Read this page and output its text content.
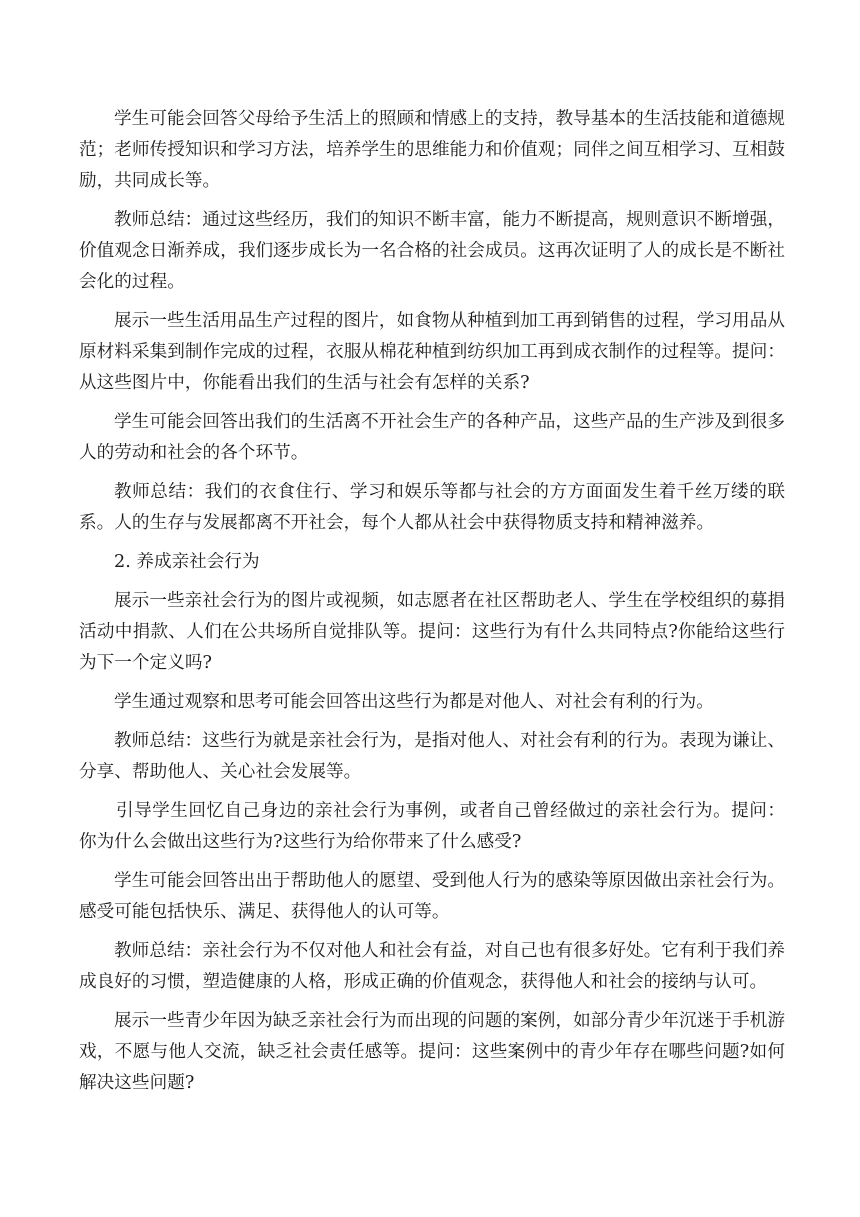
学生可能会回答父母给予生活上的照顾和情感上的支持，教导基本的生活技能和道德规范；老师传授知识和学习方法，培养学生的思维能力和价值观；同伴之间互相学习、互相鼓励，共同成长等。

教师总结：通过这些经历，我们的知识不断丰富，能力不断提高，规则意识不断增强，价值观念日渐养成，我们逐步成长为一名合格的社会成员。这再次证明了人的成长是不断社会化的过程。

展示一些生活用品生产过程的图片，如食物从种植到加工再到销售的过程，学习用品从原材料采集到制作完成的过程，衣服从棉花种植到纺织加工再到成衣制作的过程等。提问：从这些图片中，你能看出我们的生活与社会有怎样的关系?

学生可能会回答出我们的生活离不开社会生产的各种产品，这些产品的生产涉及到很多人的劳动和社会的各个环节。

教师总结：我们的衣食住行、学习和娱乐等都与社会的方方面面发生着千丝万缕的联系。人的生存与发展都离不开社会，每个人都从社会中获得物质支持和精神滋养。

2. 养成亲社会行为

展示一些亲社会行为的图片或视频，如志愿者在社区帮助老人、学生在学校组织的募捐活动中捐款、人们在公共场所自觉排队等。提问：这些行为有什么共同特点?你能给这些行为下一个定义吗?

学生通过观察和思考可能会回答出这些行为都是对他人、对社会有利的行为。

教师总结：这些行为就是亲社会行为，是指对他人、对社会有利的行为。表现为谦让、分享、帮助他人、关心社会发展等。

引导学生回忆自己身边的亲社会行为事例，或者自己曾经做过的亲社会行为。提问：你为什么会做出这些行为?这些行为给你带来了什么感受?

学生可能会回答出出于帮助他人的愿望、受到他人行为的感染等原因做出亲社会行为。感受可能包括快乐、满足、获得他人的认可等。

教师总结：亲社会行为不仅对他人和社会有益，对自己也有很多好处。它有利于我们养成良好的习惯，塑造健康的人格，形成正确的价值观念，获得他人和社会的接纳与认可。

展示一些青少年因为缺乏亲社会行为而出现的问题的案例，如部分青少年沉迷于手机游戏，不愿与他人交流，缺乏社会责任感等。提问：这些案例中的青少年存在哪些问题?如何解决这些问题?
